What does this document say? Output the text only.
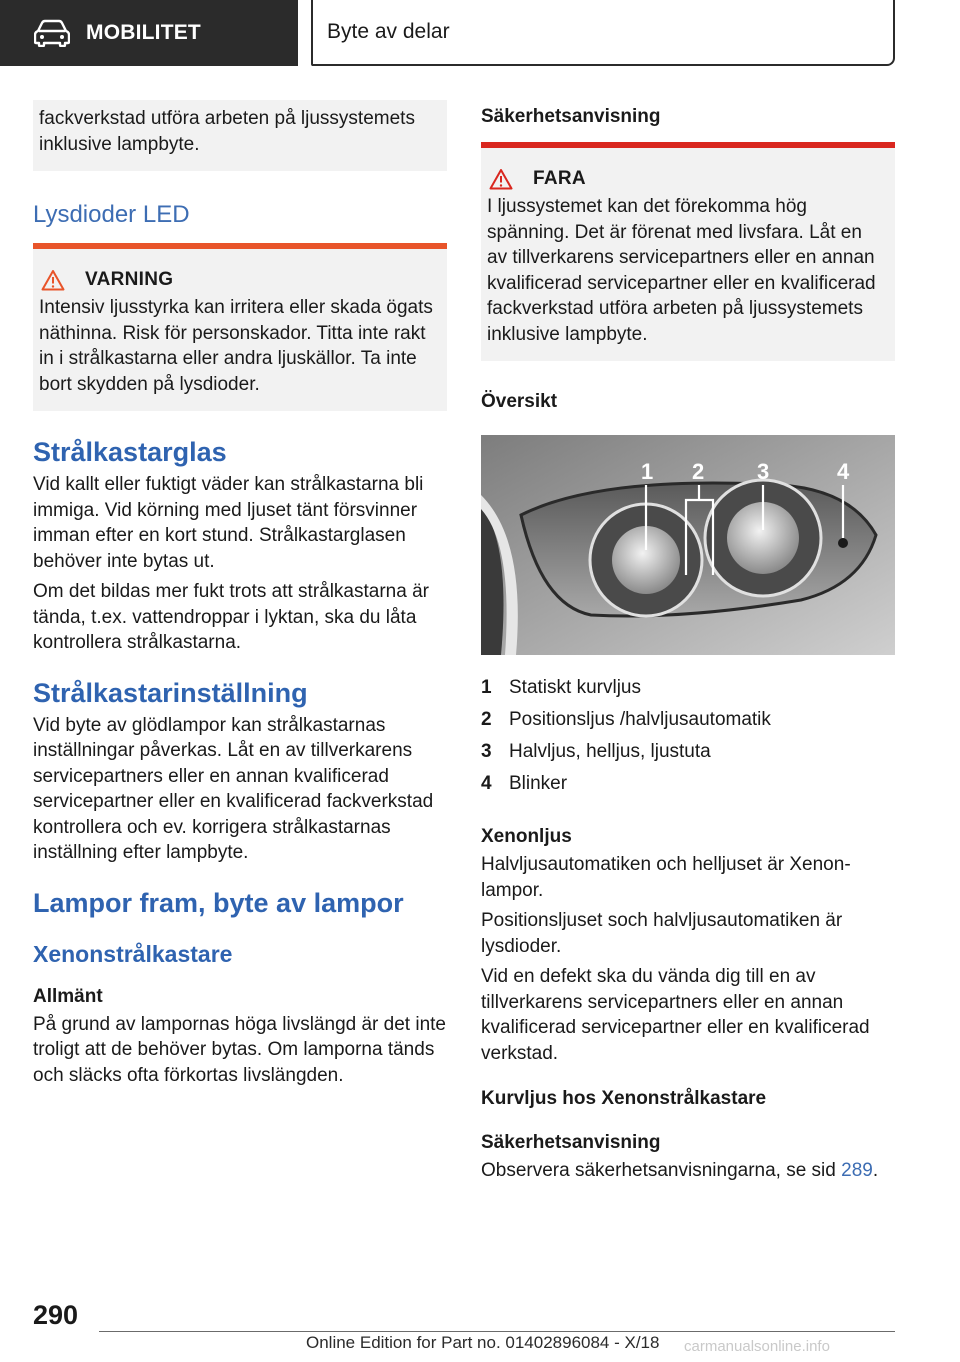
MOBILITET	Byte av delar

fackverkstad utföra arbeten på ljussystemets inklusive lampbyte.

Lysdioder LED
VARNING

Intensiv ljusstyrka kan irritera eller skada ögats näthinna. Risk för personskador. Titta inte rakt in i strålkastarna eller andra ljuskällor. Ta inte bort skydden på lysdioder.

Strålkastarglas

Vid kallt eller fuktigt väder kan strålkastarna bli immiga. Vid körning med ljuset tänt försvinner imman efter en kort stund. Strålkastarglasen behöver inte bytas ut.

Om det bildas mer fukt trots att strålkastarna är tända, t.ex. vattendroppar i lyktan, ska du låta kontrollera strålkastarna.

Strålkastarinställning

Vid byte av glödlampor kan strålkastarnas inställningar påverkas. Låt en av tillverkarens servicepartners eller en annan kvalificerad servicepartner eller en kvalificerad fackverkstad kontrollera och ev. korrigera strålkastarnas inställning efter lampbyte.

Lampor fram, byte av lampor
Xenonstrålkastare
Allmänt

På grund av lampornas höga livslängd är det inte troligt att de behöver bytas. Om lamporna tänds och släcks ofta förkortas livslängden.

Säkerhetsanvisning
FARA

I ljussystemet kan det förekomma hög spänning. Det är förenat med livsfara. Låt en av tillverkarens servicepartners eller en annan kvalificerad servicepartner eller en kvalificerad fackverkstad utföra arbeten på ljussystemets inklusive lampbyte.

Översikt
1 2 3	4
1 Statiskt kurvljus
2 Positionsljus /halvljusautomatik
3 Halvljus, helljus, ljustuta
4 Blinker
Xenonljus

Halvljusautomatiken och helljuset är Xenon-lampor.

Positionsljuset soch halvljusautomatiken är lysdioder.

Vid en defekt ska du vända dig till en av tillverkarens servicepartners eller en annan kvalificerad servicepartner eller en kvalificerad verkstad.

Kurvljus hos Xenonstrålkastare
Säkerhetsanvisning

Observera säkerhetsanvisningarna, se sid 289.

290
Online Edition for Part no. 01402896084 - X/18 carmanualsonline.info
